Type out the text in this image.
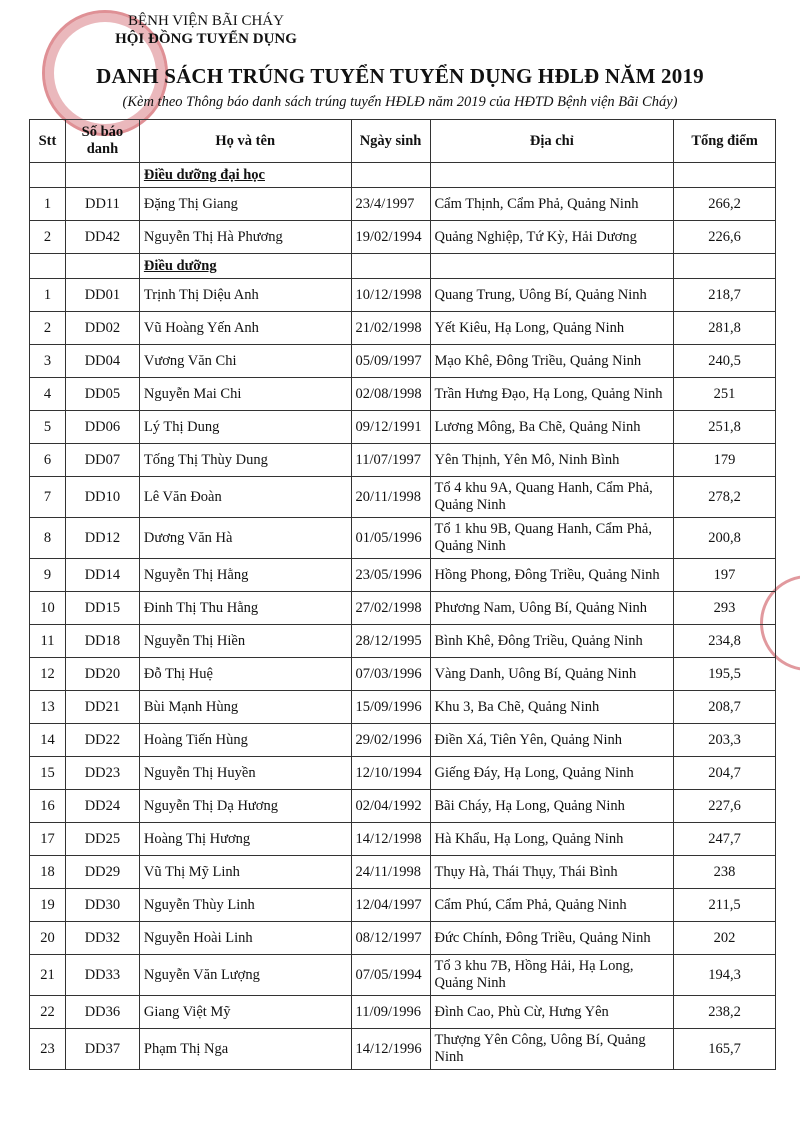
BỆNH VIỆN BÃI CHÁY
HỘI ĐỒNG TUYỂN DỤNG
DANH SÁCH TRÚNG TUYỂN TUYỂN DỤNG HĐLĐ NĂM 2019
(Kèm theo Thông báo danh sách trúng tuyển HĐLĐ năm 2019 của HĐTD Bệnh viện Bãi Cháy)
Stt	Số báo danh	Họ và tên	Ngày sinh	Địa chỉ	Tổng điểm
		Điều dưỡng đại học			
1	DD11	Đặng Thị Giang	23/4/1997	Cẩm Thịnh, Cẩm Phả, Quảng Ninh	266,2
2	DD42	Nguyễn Thị Hà Phương	19/02/1994	Quảng Nghiệp, Tứ Kỳ, Hải Dương	226,6
		Điều dưỡng			
1	DD01	Trịnh Thị Diệu Anh	10/12/1998	Quang Trung, Uông Bí, Quảng Ninh	218,7
2	DD02	Vũ Hoàng Yến Anh	21/02/1998	Yết Kiêu, Hạ Long, Quảng Ninh	281,8
3	DD04	Vương Văn Chi	05/09/1997	Mạo Khê, Đông Triều, Quảng Ninh	240,5
4	DD05	Nguyễn Mai Chi	02/08/1998	Trần Hưng Đạo, Hạ Long, Quảng Ninh	251
5	DD06	Lý Thị Dung	09/12/1991	Lương Mông, Ba Chẽ, Quảng Ninh	251,8
6	DD07	Tống Thị Thùy Dung	11/07/1997	Yên Thịnh, Yên Mô, Ninh Bình	179
7	DD10	Lê Văn Đoàn	20/11/1998	Tổ 4 khu 9A, Quang Hanh, Cẩm Phả, Quảng Ninh	278,2
8	DD12	Dương Văn Hà	01/05/1996	Tổ 1 khu 9B, Quang Hanh, Cẩm Phả, Quảng Ninh	200,8
9	DD14	Nguyễn Thị Hằng	23/05/1996	Hồng Phong, Đông Triều, Quảng Ninh	197
10	DD15	Đinh Thị Thu Hằng	27/02/1998	Phương Nam, Uông Bí, Quảng Ninh	293
11	DD18	Nguyễn Thị Hiền	28/12/1995	Bình Khê, Đông Triều, Quảng Ninh	234,8
12	DD20	Đỗ Thị Huệ	07/03/1996	Vàng Danh, Uông Bí, Quảng Ninh	195,5
13	DD21	Bùi Mạnh Hùng	15/09/1996	Khu 3, Ba Chẽ, Quảng Ninh	208,7
14	DD22	Hoàng Tiến Hùng	29/02/1996	Điền Xá, Tiên Yên, Quảng Ninh	203,3
15	DD23	Nguyễn Thị Huyền	12/10/1994	Giếng Đáy, Hạ Long, Quảng Ninh	204,7
16	DD24	Nguyễn Thị Dạ Hương	02/04/1992	Bãi Cháy, Hạ Long, Quảng Ninh	227,6
17	DD25	Hoàng Thị Hương	14/12/1998	Hà Khẩu, Hạ Long, Quảng Ninh	247,7
18	DD29	Vũ Thị Mỹ Linh	24/11/1998	Thụy Hà, Thái Thụy, Thái Bình	238
19	DD30	Nguyễn Thùy Linh	12/04/1997	Cẩm Phú, Cẩm Phả, Quảng Ninh	211,5
20	DD32	Nguyễn Hoài Linh	08/12/1997	Đức Chính, Đông Triều, Quảng Ninh	202
21	DD33	Nguyễn Văn Lượng	07/05/1994	Tổ 3 khu 7B, Hồng Hải, Hạ Long, Quảng Ninh	194,3
22	DD36	Giang Việt Mỹ	11/09/1996	Đình Cao, Phù Cừ, Hưng Yên	238,2
23	DD37	Phạm Thị Nga	14/12/1996	Thượng Yên Công, Uông Bí, Quảng Ninh	165,7
